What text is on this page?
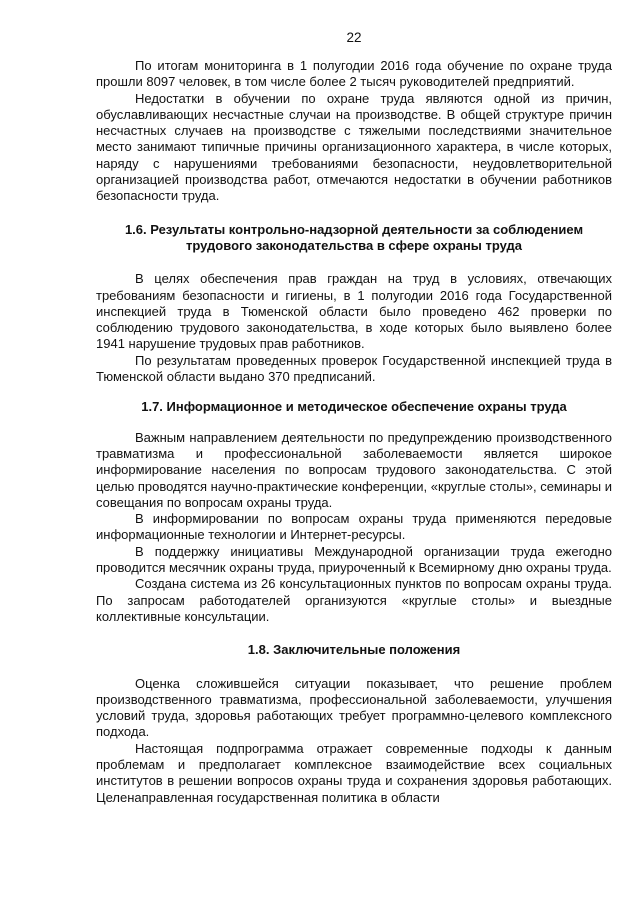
22

По итогам мониторинга в 1 полугодии 2016 года обучение по охране труда прошли 8097 человек, в том числе более 2 тысяч руководителей предприятий.

Недостатки в обучении по охране труда являются одной из причин, обуславливающих несчастные случаи на производстве. В общей структуре причин несчастных случаев на производстве с тяжелыми последствиями значительное место занимают типичные причины организационного характера, в числе которых, наряду с нарушениями требованиями безопасности, неудовлетворительной организацией производства работ, отмечаются недостатки в обучении работников безопасности труда.

1.6. Результаты контрольно-надзорной деятельности за соблюдением трудового законодательства в сфере охраны труда

В целях обеспечения прав граждан на труд в условиях, отвечающих требованиям безопасности и гигиены, в 1 полугодии 2016 года Государственной инспекцией труда в Тюменской области было проведено 462 проверки по соблюдению трудового законодательства, в ходе которых было выявлено более 1941 нарушение трудовых прав работников.

По результатам проведенных проверок Государственной инспекцией труда в Тюменской области выдано 370 предписаний.

1.7. Информационное и методическое обеспечение охраны труда

Важным направлением деятельности по предупреждению производственного травматизма и профессиональной заболеваемости является широкое информирование населения по вопросам трудового законодательства. С этой целью проводятся научно-практические конференции, «круглые столы», семинары и совещания по вопросам охраны труда.

В информировании по вопросам охраны труда применяются передовые информационные технологии и Интернет-ресурсы.

В поддержку инициативы Международной организации труда ежегодно проводится месячник охраны труда, приуроченный к Всемирному дню охраны труда.

Создана система из 26 консультационных пунктов по вопросам охраны труда. По запросам работодателей организуются «круглые столы» и выездные коллективные консультации.

1.8. Заключительные положения

Оценка сложившейся ситуации показывает, что решение проблем производственного травматизма, профессиональной заболеваемости, улучшения условий труда, здоровья работающих требует программно-целевого комплексного подхода.

Настоящая подпрограмма отражает современные подходы к данным проблемам и предполагает комплексное взаимодействие всех социальных институтов в решении вопросов охраны труда и сохранения здоровья работающих. Целенаправленная государственная политика в области
